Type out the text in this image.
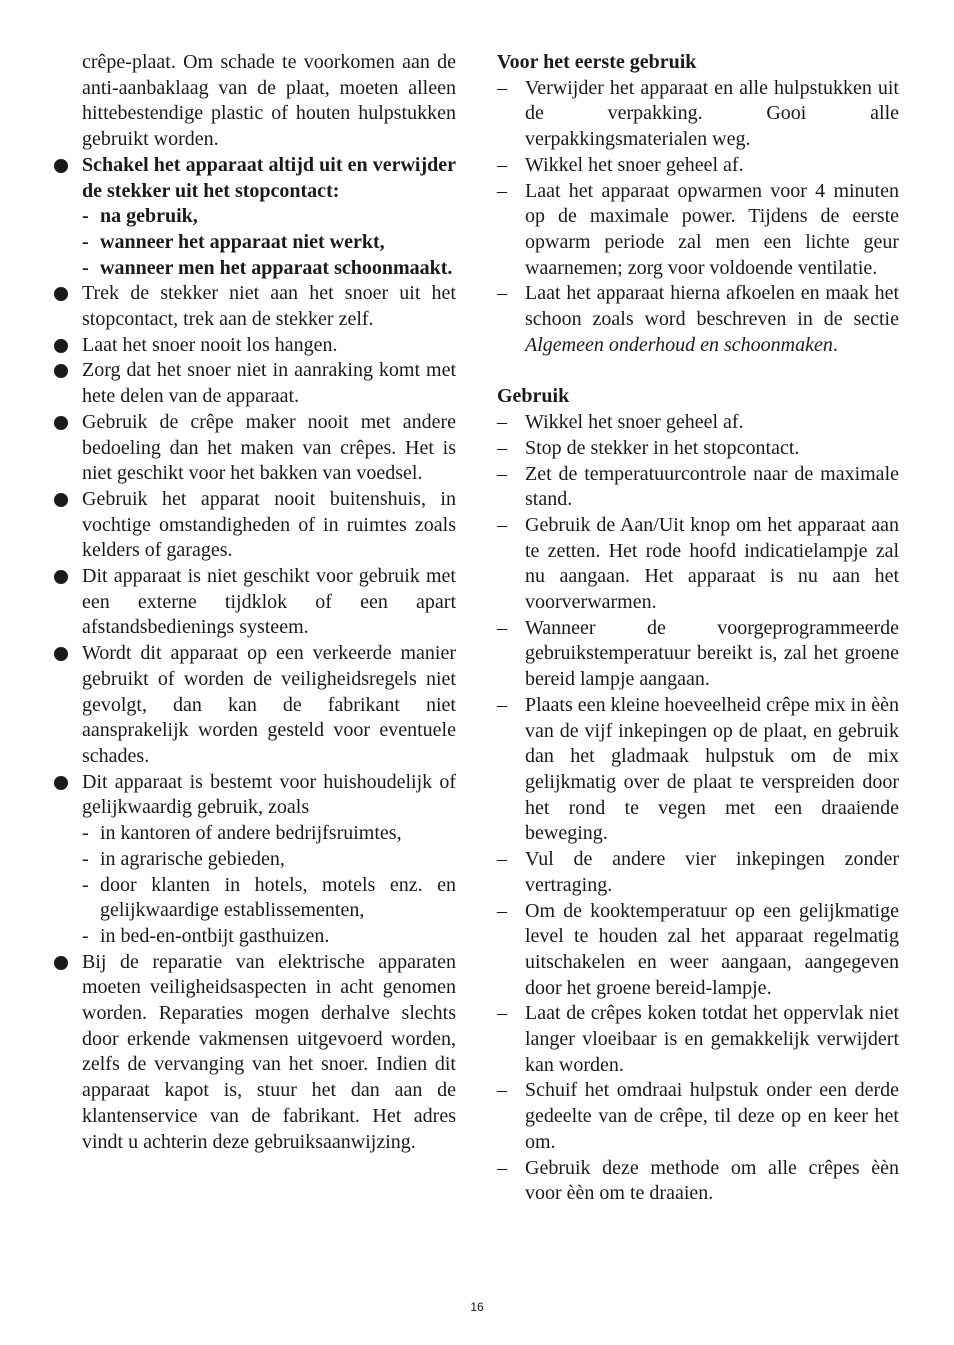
crêpe-plaat. Om schade te voorkomen aan de anti-aanbaklaag van de plaat, moeten alleen hittebestendige plastic of houten hulpstukken gebruikt worden.

Schakel het apparaat altijd uit en verwijder de stekker uit het stopcontact:
- na gebruik,
- wanneer het apparaat niet werkt,
- wanneer men het apparaat schoonmaakt.
Trek de stekker niet aan het snoer uit het stopcontact, trek aan de stekker zelf.
Laat het snoer nooit los hangen.
Zorg dat het snoer niet in aanraking komt met hete delen van de apparaat.
Gebruik de crêpe maker nooit met andere bedoeling dan het maken van crêpes. Het is niet geschikt voor het bakken van voedsel.
Gebruik het apparat nooit buitenshuis, in vochtige omstandigheden of in ruimtes zoals kelders of garages.
Dit apparaat is niet geschikt voor gebruik met een externe tijdklok of een apart afstandsbedienings systeem.
Wordt dit apparaat op een verkeerde manier gebruikt of worden de veiligheidsregels niet gevolgt, dan kan de fabrikant niet aansprakelijk worden gesteld voor eventuele schades.
Dit apparaat is bestemt voor huishoudelijk of gelijkwaardig gebruik, zoals
- in kantoren of andere bedrijfsruimtes,
- in agrarische gebieden,
- door klanten in hotels, motels enz. en gelijkwaardige establissementen,
- in bed-en-ontbijt gasthuizen.
Bij de reparatie van elektrische apparaten moeten veiligheidsaspecten in acht genomen worden. Reparaties mogen derhalve slechts door erkende vakmensen uitgevoerd worden, zelfs de vervanging van het snoer. Indien dit apparaat kapot is, stuur het dan aan de klantenservice van de fabrikant. Het adres vindt u achterin deze gebruiksaanwijzing.

Voor het eerste gebruik

– Verwijder het apparaat en alle hulpstukken uit de verpakking. Gooi alle verpakkingsmaterialen weg.
– Wikkel het snoer geheel af.
– Laat het apparaat opwarmen voor 4 minuten op de maximale power. Tijdens de eerste opwarm periode zal men een lichte geur waarnemen; zorg voor voldoende ventilatie.
– Laat het apparaat hierna afkoelen en maak het schoon zoals word beschreven in de sectie Algemeen onderhoud en schoonmaken.

Gebruik

– Wikkel het snoer geheel af.
– Stop de stekker in het stopcontact.
– Zet de temperatuurcontrole naar de maximale stand.
– Gebruik de Aan/Uit knop om het apparaat aan te zetten. Het rode hoofd indicatielampje zal nu aangaan. Het apparaat is nu aan het voorverwarmen.
– Wanneer de voorgeprogrammeerde gebruikstemperatuur bereikt is, zal het groene bereid lampje aangaan.
– Plaats een kleine hoeveelheid crêpe mix in èèn van de vijf inkepingen op de plaat, en gebruik dan het gladmaak hulpstuk om de mix gelijkmatig over de plaat te verspreiden door het rond te vegen met een draaiende beweging.
– Vul de andere vier inkepingen zonder vertraging.
– Om de kooktemperatuur op een gelijkmatige level te houden zal het apparaat regelmatig uitschakelen en weer aangaan, aangegeven door het groene bereid-lampje.
– Laat de crêpes koken totdat het oppervlak niet langer vloeibaar is en gemakkelijk verwijdert kan worden.
– Schuif het omdraai hulpstuk onder een derde gedeelte van de crêpe, til deze op en keer het om.
– Gebruik deze methode om alle crêpes èèn voor èèn om te draaien.
16
